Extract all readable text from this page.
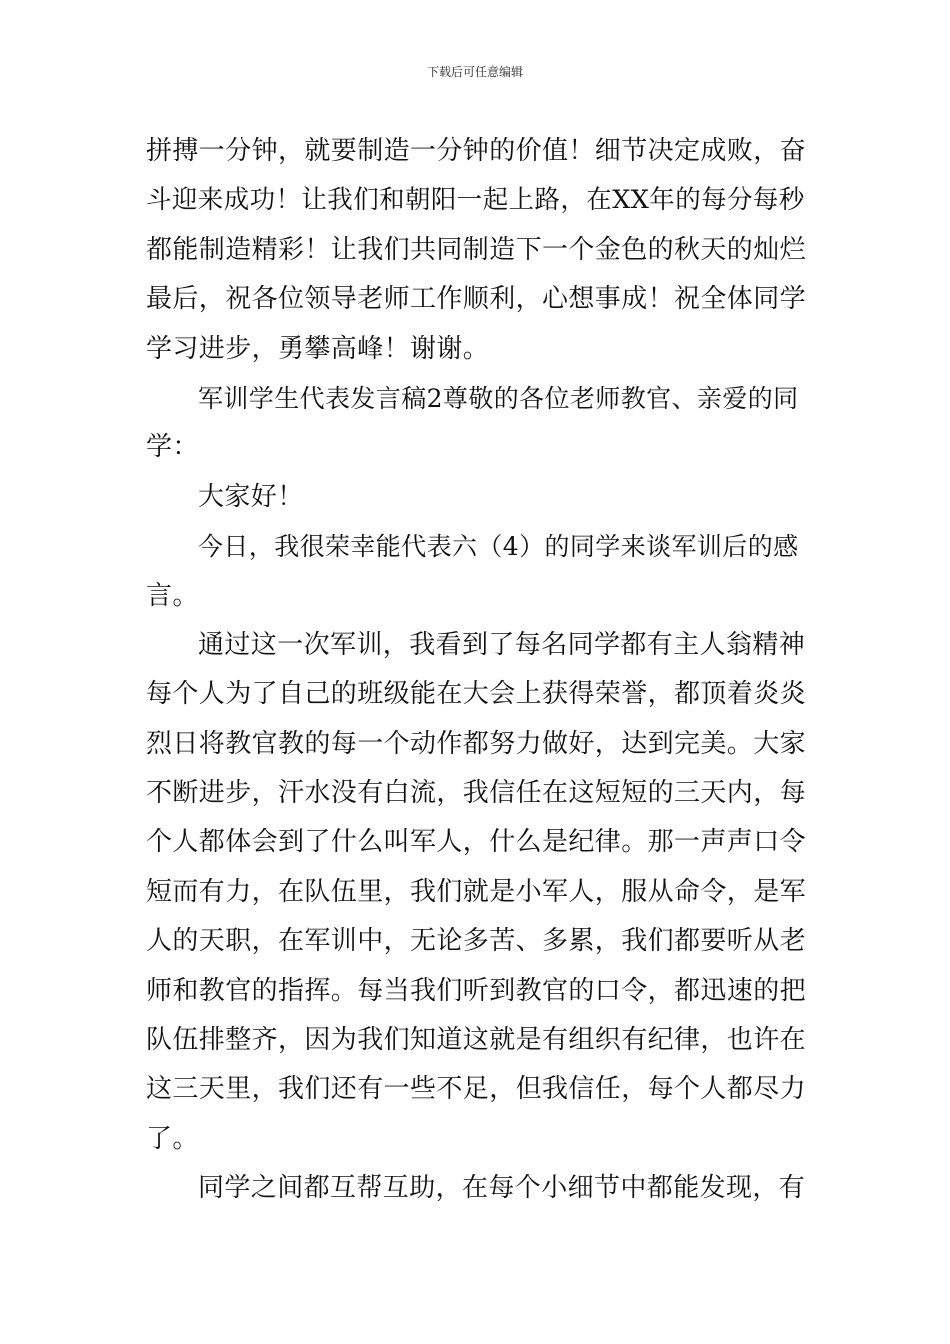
下载后可任意编辑
拼搏一分钟，就要制造一分钟的价值！细节决定成败，奋
斗迎来成功！让我们和朝阳一起上路，在XX年的每分每秒
都能制造精彩！让我们共同制造下一个金色的秋天的灿烂
最后，祝各位领导老师工作顺利，心想事成！祝全体同学
学习进步，勇攀高峰！谢谢。
军训学生代表发言稿2尊敬的各位老师教官、亲爱的同
学：
大家好！
今日，我很荣幸能代表六（4）的同学来谈军训后的感
言。
通过这一次军训，我看到了每名同学都有主人翁精神
每个人为了自己的班级能在大会上获得荣誉，都顶着炎炎
烈日将教官教的每一个动作都努力做好，达到完美。大家
不断进步，汗水没有白流，我信任在这短短的三天内，每
个人都体会到了什么叫军人，什么是纪律。那一声声口令
短而有力，在队伍里，我们就是小军人，服从命令，是军
人的天职，在军训中，无论多苦、多累，我们都要听从老
师和教官的指挥。每当我们听到教官的口令，都迅速的把
队伍排整齐，因为我们知道这就是有组织有纪律，也许在
这三天里，我们还有一些不足，但我信任，每个人都尽力
了。
同学之间都互帮互助，在每个小细节中都能发现，有
